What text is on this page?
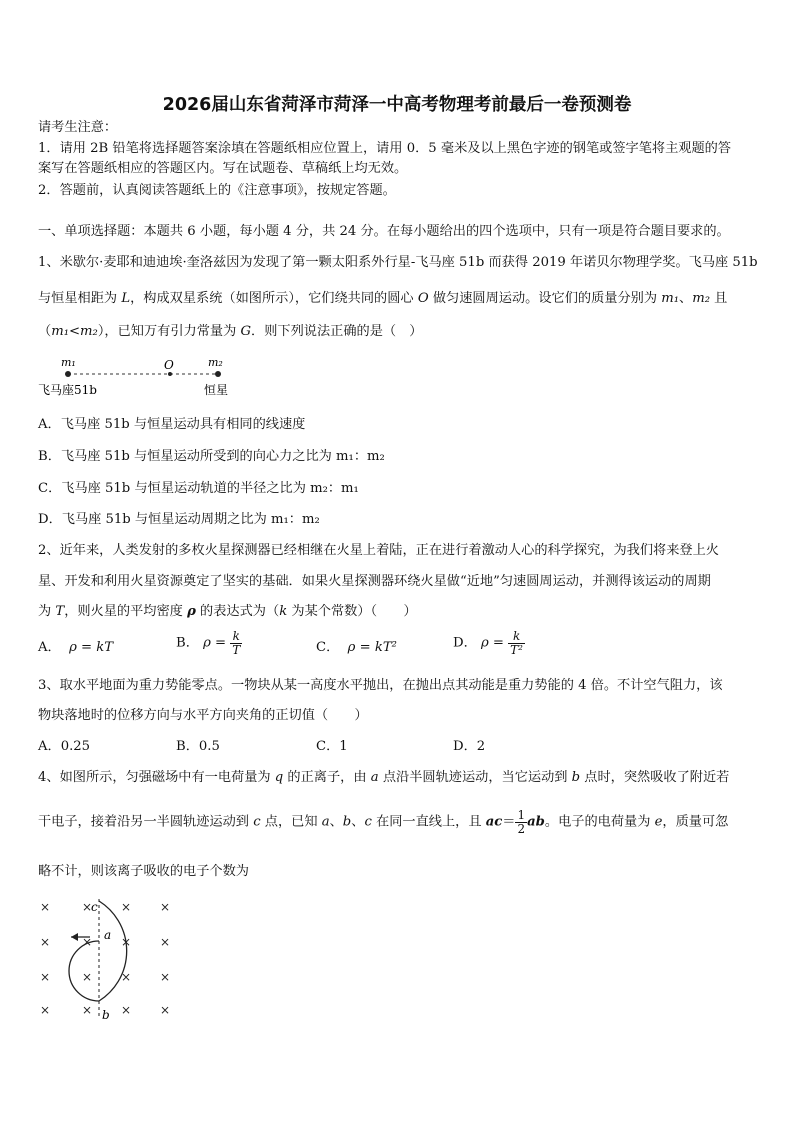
2026届山东省菏泽市菏泽一中高考物理考前最后一卷预测卷
请考生注意：
1．请用 2B 铅笔将选择题答案涂填在答题纸相应位置上，请用 0．5 毫米及以上黑色字迹的钢笔或签字笔将主观题的答
案写在答题纸相应的答题区内。写在试题卷、草稿纸上均无效。
2．答题前，认真阅读答题纸上的《注意事项》，按规定答题。
一、单项选择题：本题共 6 小题，每小题 4 分，共 24 分。在每小题给出的四个选项中，只有一项是符合题目要求的。
1、米歇尔·麦耶和迪迪埃·奎洛兹因为发现了第一颗太阳系外行星-飞马座 51b 而获得 2019 年诺贝尔物理学奖。飞马座 51b
与恒星相距为 L，构成双星系统（如图所示），它们绕共同的圆心 O 做匀速圆周运动。设它们的质量分别为 m₁、m₂ 且
（m₁<m₂），已知万有引力常量为 G．则下列说法正确的是（　）
m₁	O	m₂
飞马座51b	恒星
A．飞马座 51b 与恒星运动具有相同的线速度
B．飞马座 51b 与恒星运动所受到的向心力之比为 m₁：m₂
C．飞马座 51b 与恒星运动轨道的半径之比为 m₂：m₁
D．飞马座 51b 与恒星运动周期之比为 m₁：m₂
2、近年来，人类发射的多枚火星探测器已经相继在火星上着陆，正在进行着激动人心的科学探究，为我们将来登上火
星、开发和利用火星资源奠定了坚实的基础．如果火星探测器环绕火星做“近地”匀速圆周运动，并测得该运动的周期
为 T，则火星的平均密度 ρ 的表达式为（k 为某个常数）（　　）
A． ρ = kT	B． $\rho = \frac{k}{T}$	C． ρ = kT²	D． $\rho = \frac{k}{\text{T²}}$
3、取水平地面为重力势能零点。一物块从某一高度水平抛出，在抛出点其动能是重力势能的 4 倍。不计空气阻力，该
物块落地时的位移方向与水平方向夹角的正切值（　　）
A．0.25	B．0.5	C．1	D．2
4、如图所示，匀强磁场中有一电荷量为 q 的正离子，由 a 点沿半圆轨迹运动，当它运动到 b 点时，突然吸收了附近若
干电子，接着沿另一半圆轨迹运动到 c 点，已知 a、b、c 在同一直线上，且 $ac= \frac{1}{2}$ ab。电子的电荷量为 e，质量可忽
略不计，则该离子吸收的电子个数为
×	× × ×
×	× × ×
×	× × ×
×	× × ×
c
a
b
